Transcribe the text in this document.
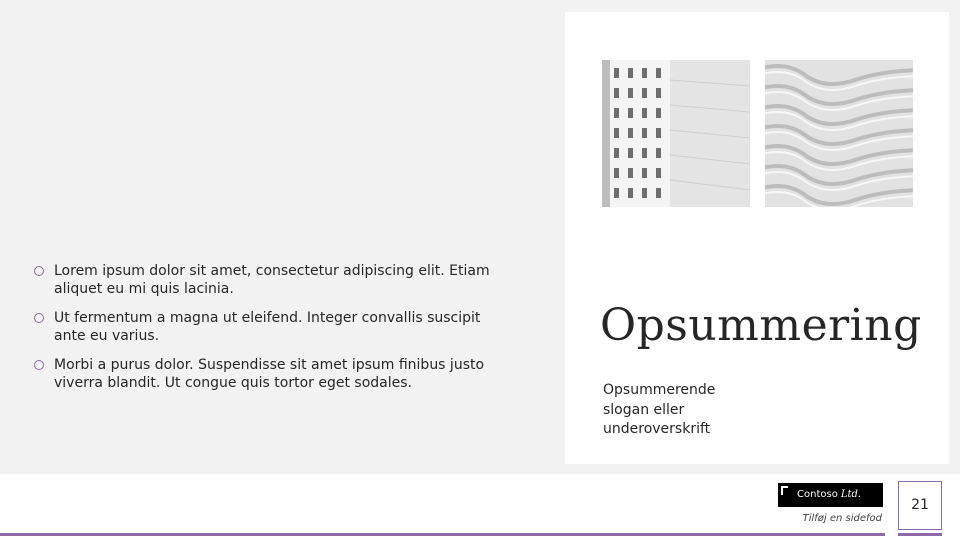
Lorem ipsum dolor sit amet, consectetur adipiscing elit. Etiam aliquet eu mi quis lacinia.
Ut fermentum a magna ut eleifend. Integer convallis suscipit ante eu varius.
Morbi a purus dolor. Suspendisse sit amet ipsum finibus justo viverra blandit. Ut congue quis tortor eget sodales.
Opsummering
Opsummerende slogan eller underoverskrift
Contoso Ltd.
Tilføj en sidefod
21
